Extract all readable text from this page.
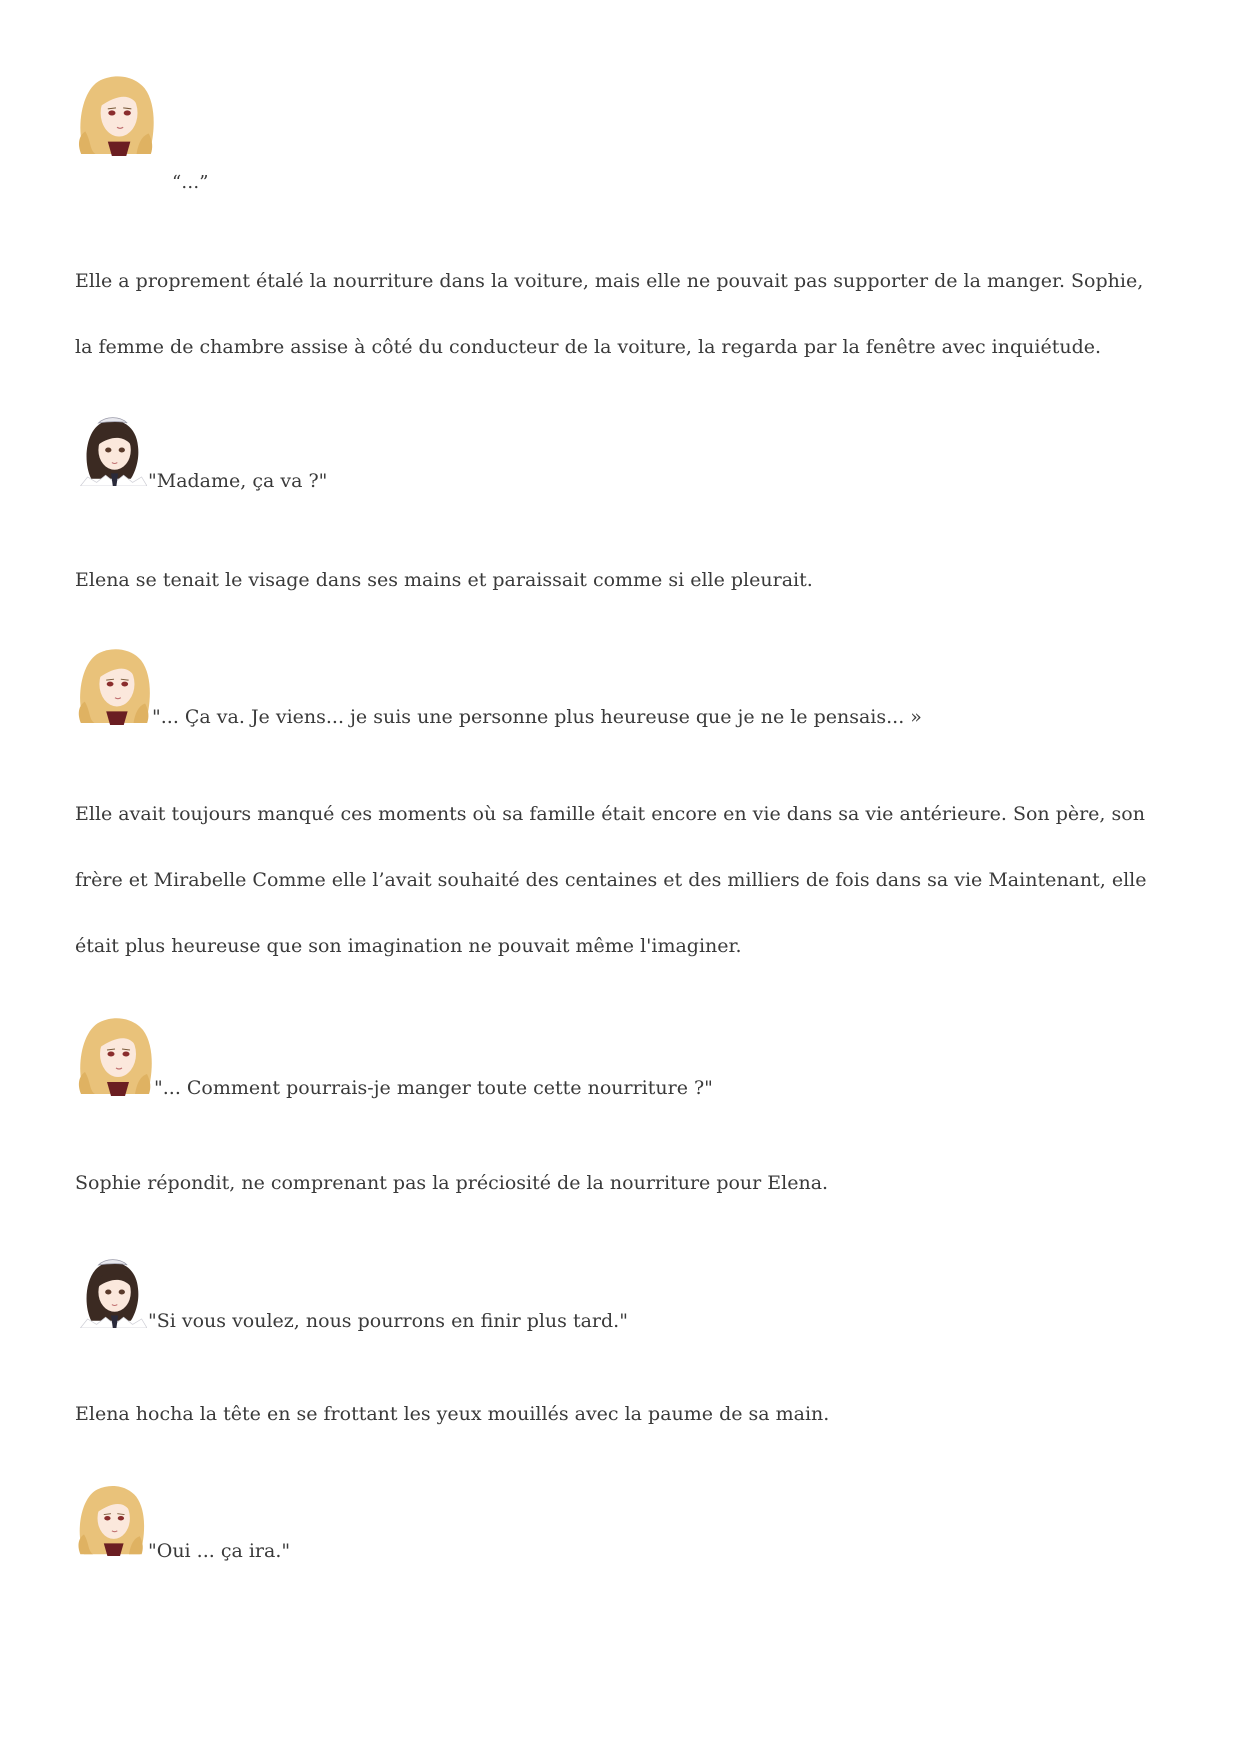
“…”

Elle a proprement étalé la nourriture dans la voiture, mais elle ne pouvait pas supporter de la manger. Sophie, la femme de chambre assise à côté du conducteur de la voiture, la regarda par la fenêtre avec inquiétude.

"Madame, ça va ?"

Elena se tenait le visage dans ses mains et paraissait comme si elle pleurait.

"... Ça va. Je viens... je suis une personne plus heureuse que je ne le pensais... »

Elle avait toujours manqué ces moments où sa famille était encore en vie dans sa vie antérieure. Son père, son frère et Mirabelle Comme elle l’avait souhaité des centaines et des milliers de fois dans sa vie Maintenant, elle était plus heureuse que son imagination ne pouvait même l'imaginer.

"... Comment pourrais-je manger toute cette nourriture ?"

Sophie répondit, ne comprenant pas la préciosité de la nourriture pour Elena.

"Si vous voulez, nous pourrons en finir plus tard."

Elena hocha la tête en se frottant les yeux mouillés avec la paume de sa main.

"Oui ... ça ira."
